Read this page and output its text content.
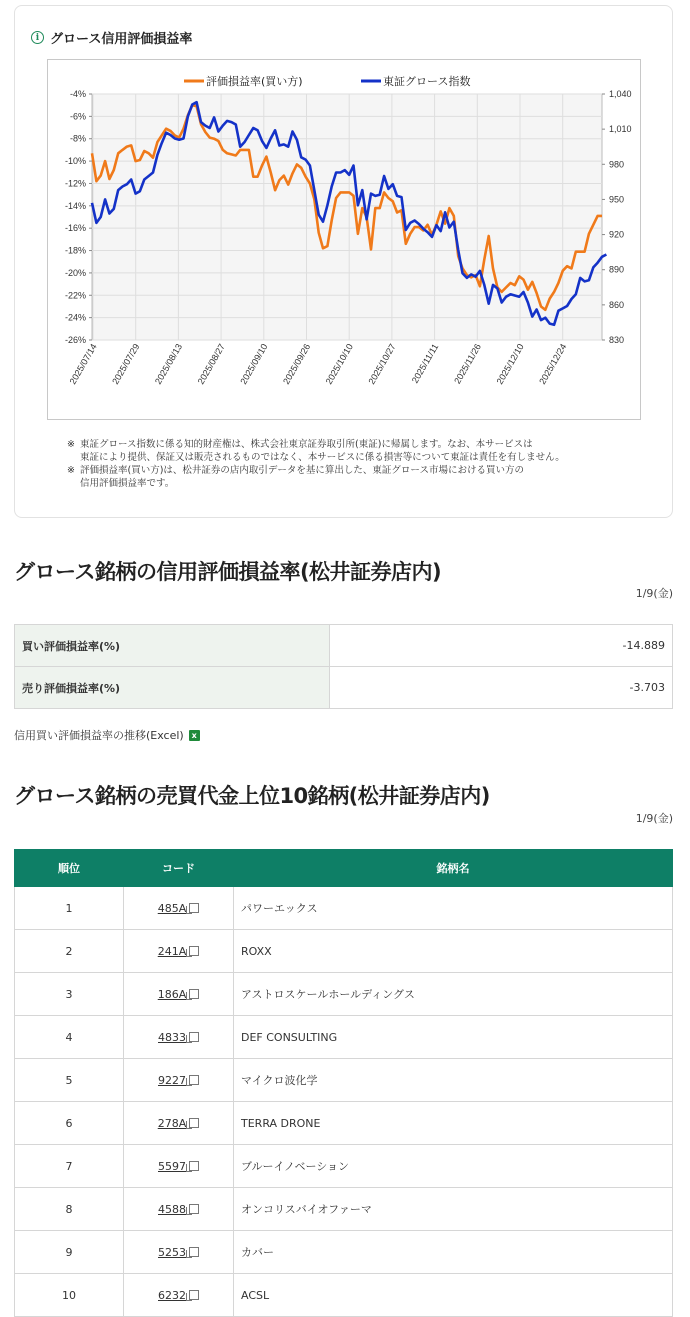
i グロース信用評価損益率
-4%
-6%
-8%
-10%
-12%
-14%
-16%
-18%
-20%
-22%
-24%
-26%
1,040
1,010
980
950
920
890
860
830
2025/07/14 2025/07/29 2025/08/13 2025/08/27 2025/09/10 2025/09/26 2025/10/10 2025/10/27 2025/11/11 2025/11/26 2025/12/10 2025/12/24
評価損益率(買い方)	東証グロース指数
※ 東証グロース指数に係る知的財産権は、株式会社東京証券取引所(東証)に帰属します。なお、本サービスは
東証により提供、保証又は販売されるものではなく、本サービスに係る損害等について東証は責任を有しません。
※ 評価損益率(買い方)は、松井証券の店内取引データを基に算出した、東証グロース市場における買い方の
信用評価損益率です。
グロース銘柄の信用評価損益率(松井証券店内)
1/9(金)
買い評価損益率(%)	-14.889
売り評価損益率(%)	-3.703
信用買い評価損益率の推移(Excel) x
グロース銘柄の売買代金上位10銘柄(松井証券店内)
1/9(金)
順位	コード	銘柄名
1	485A	パワーエックス
2	241A	ROXX
3	186A	アストロスケールホールディングス
4	4833	DEF CONSULTING
5	9227	マイクロ波化学
6	278A	TERRA DRONE
7	5597	ブルーイノベーション
8	4588	オンコリスバイオファーマ
9	5253	カバー
10	6232	ACSL
